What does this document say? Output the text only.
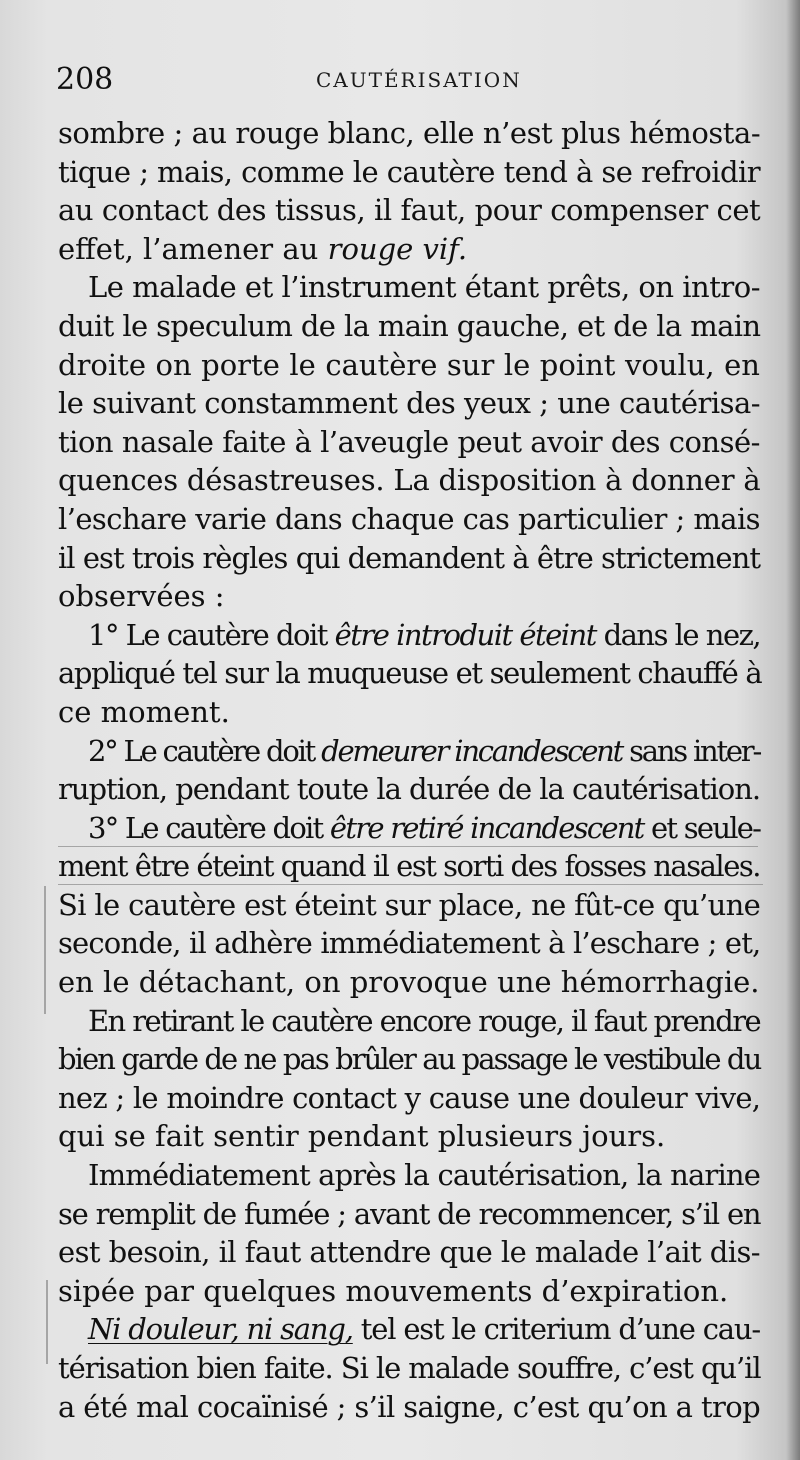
208	CAUTÉRISATION
sombre ; au rouge blanc, elle n’est plus hémosta-
tique ; mais, comme le cautère tend à se refroidir
au contact des tissus, il faut, pour compenser cet
effet, l’amener au rouge vif.
Le malade et l’instrument étant prêts, on intro-
duit le speculum de la main gauche, et de la main
droite on porte le cautère sur le point voulu, en
le suivant constamment des yeux ; une cautérisa-
tion nasale faite à l’aveugle peut avoir des consé-
quences désastreuses. La disposition à donner à
l’eschare varie dans chaque cas particulier ; mais
il est trois règles qui demandent à être strictement
observées :
1° Le cautère doit être introduit éteint dans le nez,
appliqué tel sur la muqueuse et seulement chauffé à
ce moment.
2° Le cautère doit demeurer incandescent sans inter-
ruption, pendant toute la durée de la cautérisation.
3° Le cautère doit être retiré incandescent et seule-
ment être éteint quand il est sorti des fosses nasales.
Si le cautère est éteint sur place, ne fût-ce qu’une
seconde, il adhère immédiatement à l’eschare ; et,
en le détachant, on provoque une hémorrhagie.
En retirant le cautère encore rouge, il faut prendre
bien garde de ne pas brûler au passage le vestibule du
nez ; le moindre contact y cause une douleur vive,
qui se fait sentir pendant plusieurs jours.
Immédiatement après la cautérisation, la narine
se remplit de fumée ; avant de recommencer, s’il en
est besoin, il faut attendre que le malade l’ait dis-
sipée par quelques mouvements d’expiration.
Ni douleur, ni sang, tel est le criterium d’une cau-
térisation bien faite. Si le malade souffre, c’est qu’il
a été mal cocaïnisé ; s’il saigne, c’est qu’on a trop
